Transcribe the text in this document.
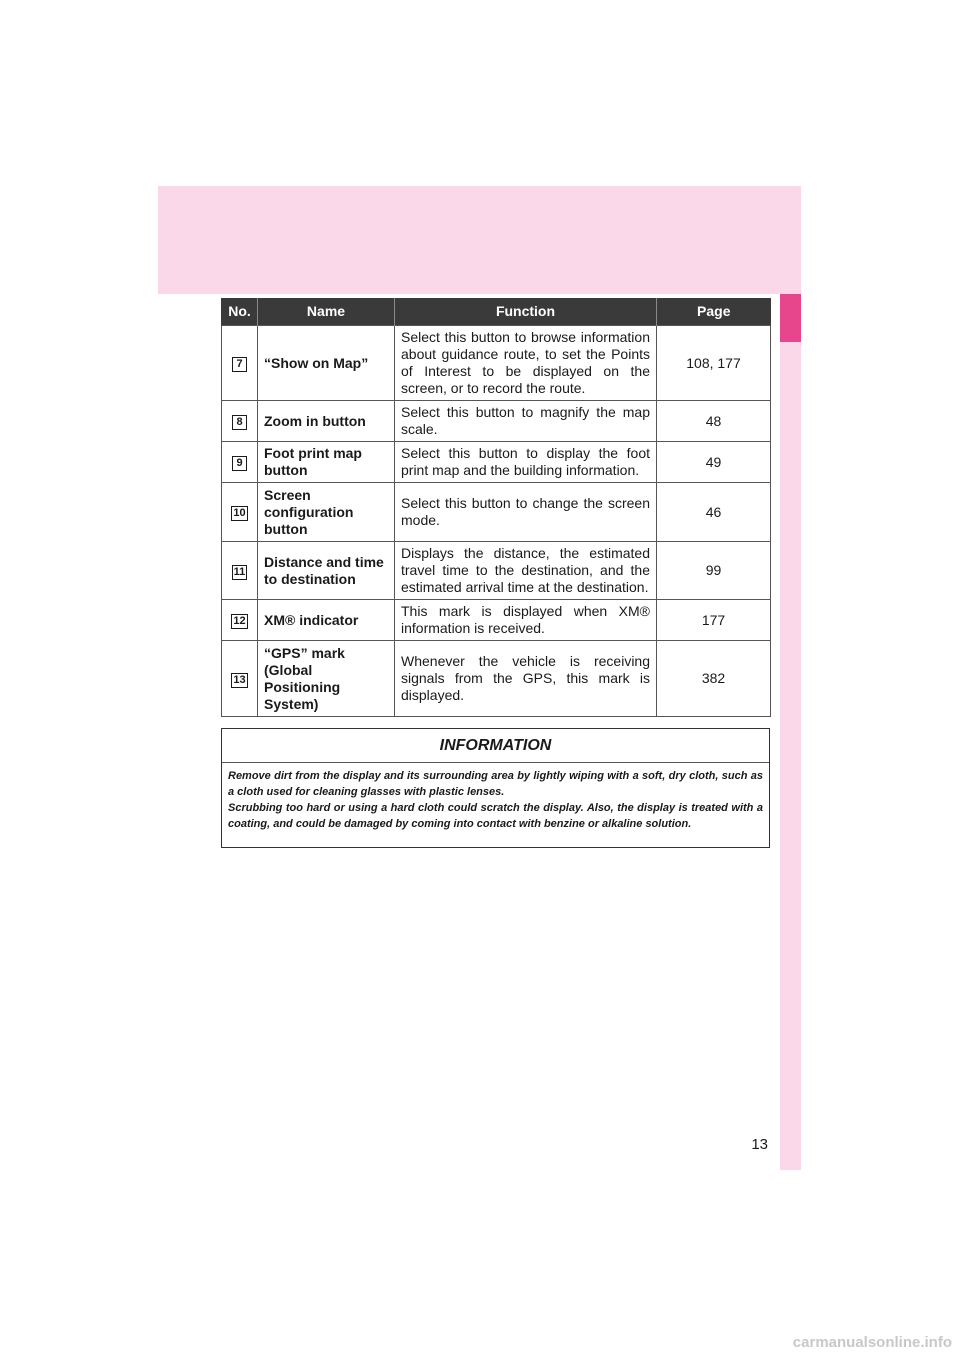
No.	Name	Function	Page
7	“Show on Map”	Select this button to browse information about guidance route, to set the Points of Interest to be displayed on the screen, or to record the route.	108, 177
8	Zoom in button	Select this button to magnify the map scale.	48
9	Foot print map button	Select this button to display the foot print map and the building information.	49
10	Screen configuration button	Select this button to change the screen mode.	46
11	Distance and time to destination	Displays the distance, the estimated travel time to the destination, and the estimated arrival time at the destination.	99
12	XM® indicator	This mark is displayed when XM® information is received.	177
13	“GPS” mark (Global Positioning System)	Whenever the vehicle is receiving signals from the GPS, this mark is displayed.	382
INFORMATION

Remove dirt from the display and its surrounding area by lightly wiping with a soft, dry cloth, such as a cloth used for cleaning glasses with plastic lenses.

Scrubbing too hard or using a hard cloth could scratch the display. Also, the display is treated with a coating, and could be damaged by coming into contact with benzine or alkaline solution.

13
carmanualsonline.info
